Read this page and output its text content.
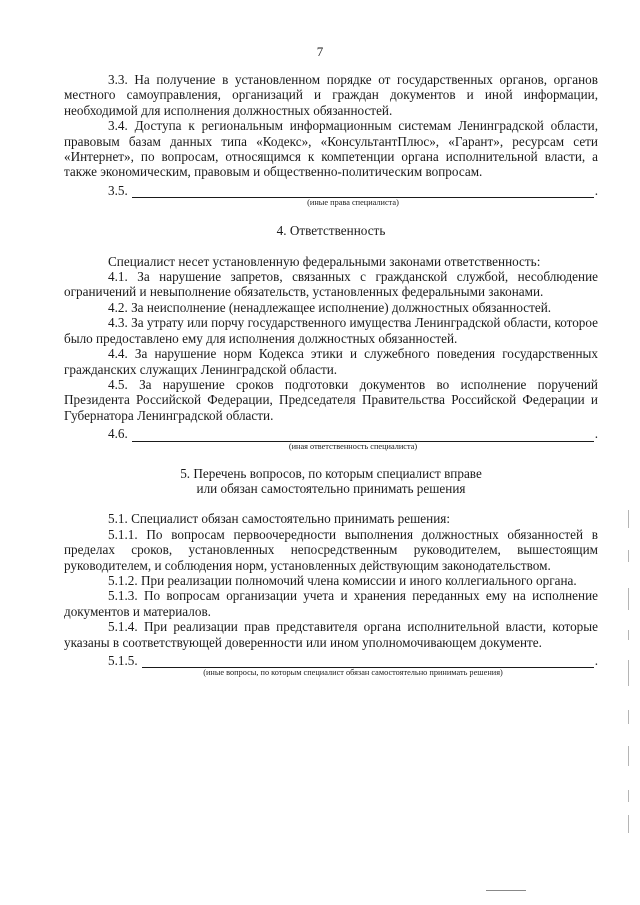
7

3.3. На получение в установленном порядке от государственных органов, органов местного самоуправления, организаций и граждан документов и иной информации, необходимой для исполнения должностных обязанностей.

3.4. Доступа к региональным информационным системам Ленинградской области, правовым базам данных типа «Кодекс», «КонсультантПлюс», «Гарант», ресурсам сети «Интернет», по вопросам, относящимся к компетенции органа исполнительной власти, а также экономическим, правовым и общественно-политическим вопросам.

3.5.	.

(иные права специалиста)

4. Ответственность

Специалист несет установленную федеральными законами ответственность:

4.1. За нарушение запретов, связанных с гражданской службой, несоблюдение ограничений и невыполнение обязательств, установленных федеральными законами.

4.2. За неисполнение (ненадлежащее исполнение) должностных обязанностей.

4.3. За утрату или порчу государственного имущества Ленинградской области, которое было предоставлено ему для исполнения должностных обязанностей.

4.4. За нарушение норм Кодекса этики и служебного поведения государственных гражданских служащих Ленинградской области.

4.5. За нарушение сроков подготовки документов во исполнение поручений Президента Российской Федерации, Председателя Правительства Российской Федерации и Губернатора Ленинградской области.

4.6.	.

(иная ответственность специалиста)

5. Перечень вопросов, по которым специалист вправе

или обязан самостоятельно принимать решения

5.1. Специалист обязан самостоятельно принимать решения:

5.1.1. По вопросам первоочередности выполнения должностных обязанностей в пределах сроков, установленных непосредственным руководителем, вышестоящим руководителем, и соблюдения норм, установленных действующим законодательством.

5.1.2. При реализации полномочий члена комиссии и иного коллегиального органа.

5.1.3. По вопросам организации учета и хранения переданных ему на исполнение документов и материалов.

5.1.4. При реализации прав представителя органа исполнительной власти, которые указаны в соответствующей доверенности или ином уполномочивающем документе.

5.1.5.	.

(иные вопросы, по которым специалист обязан самостоятельно принимать решения)
